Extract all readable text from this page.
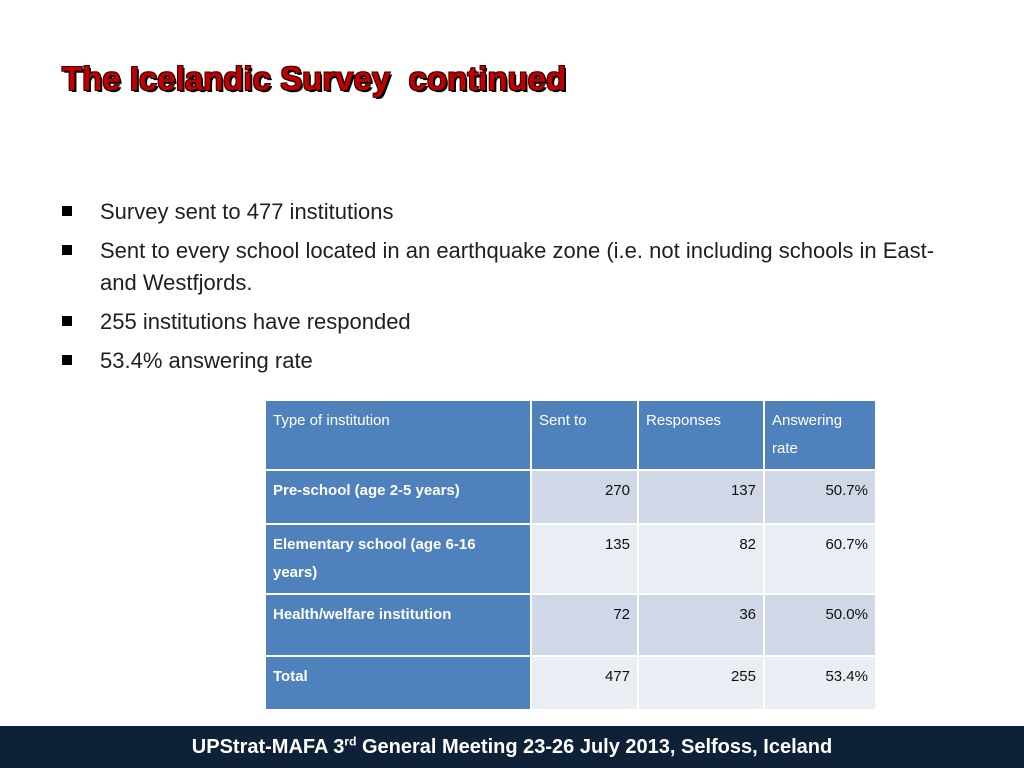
The Icelandic Survey  continued
Survey sent to 477 institutions
Sent to every school located in an earthquake zone (i.e. not including schools in East- and Westfjords.
255 institutions have responded
53.4% answering rate
Type of institution	Sent to	Responses	Answering rate
Pre-school (age 2-5 years)	270	137	50.7%
Elementary school (age 6-16 years)	135	82	60.7%
Health/welfare institution	72	36	50.0%
Total	477	255	53.4%
UPStrat-MAFA 3rd General Meeting 23-26 July 2013, Selfoss, Iceland
